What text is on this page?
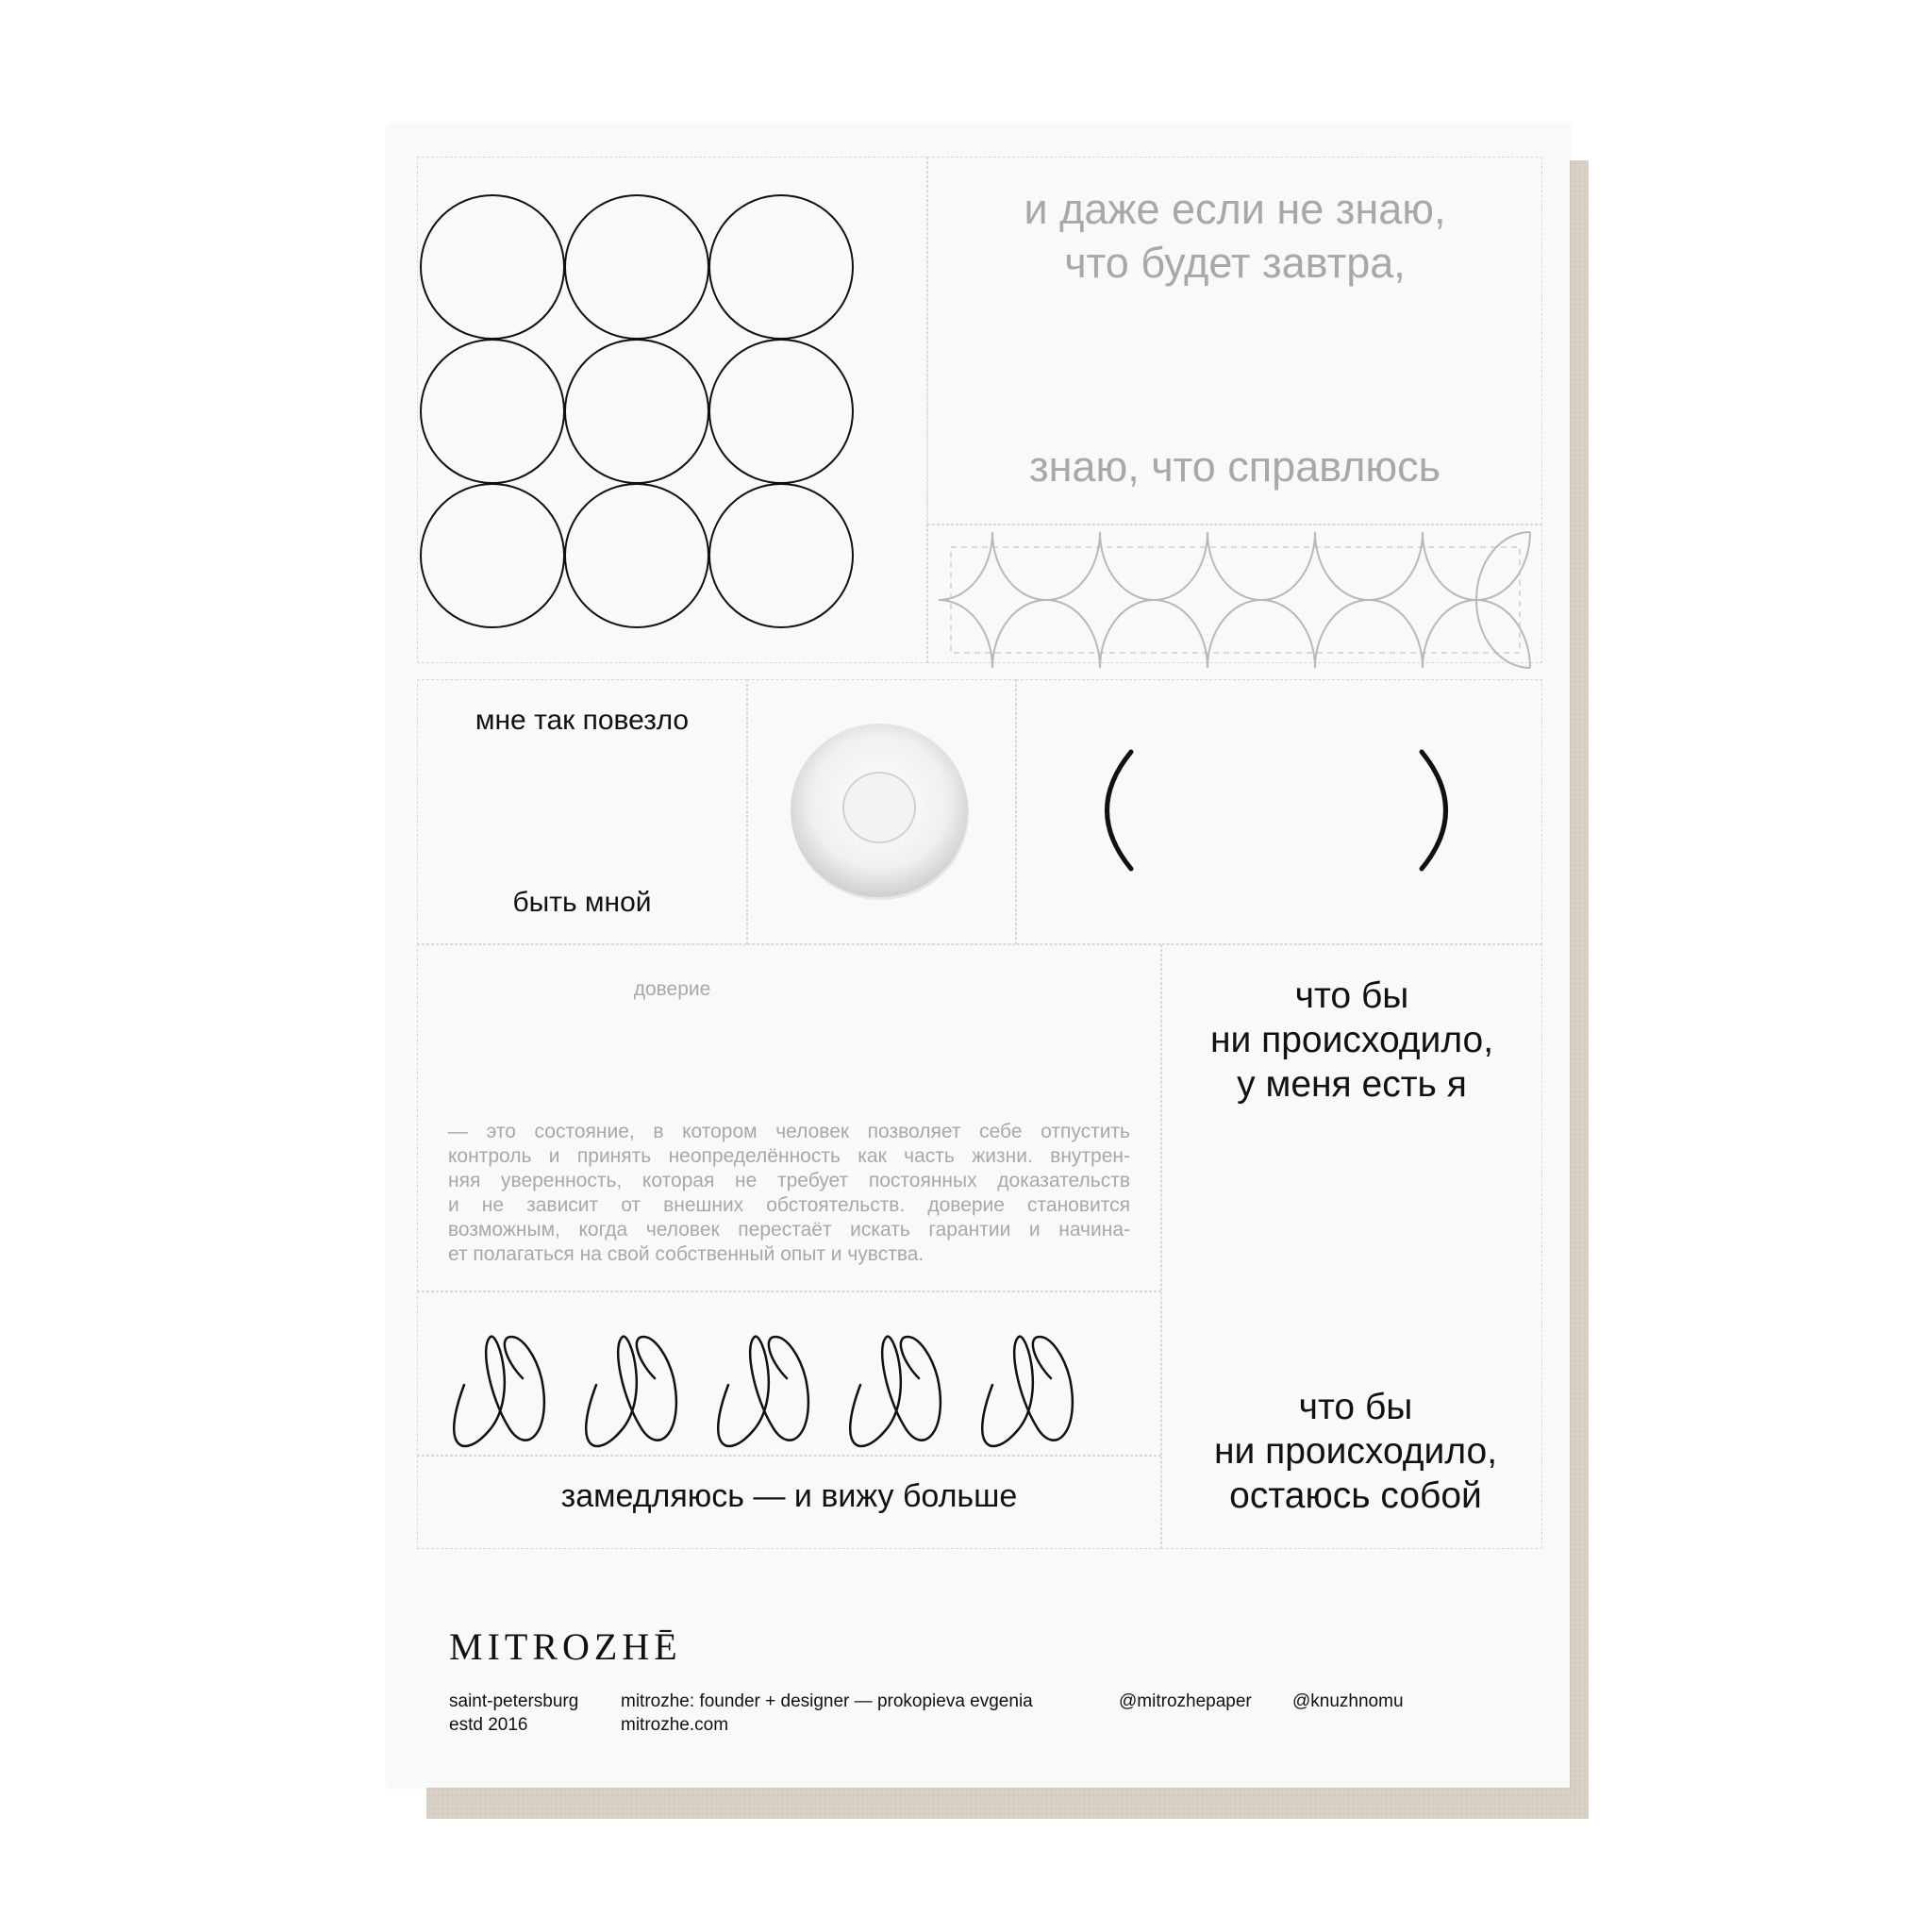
и даже если не знаю,
что будет завтра,
знаю, что справлюсь
мне так повезло
быть мной
доверие
— это состояние, в котором человек позволяет себе отпустить
контроль и принять неопределённость как часть жизни. внутрен-
няя уверенность, которая не требует постоянных доказательств
и не зависит от внешних обстоятельств. доверие становится
возможным, когда человек перестаёт искать гарантии и начина-
ет полагаться на свой собственный опыт и чувства.
что бы
ни происходило,
у меня есть я
что бы
ни происходило,
остаюсь собой
замедляюсь — и вижу больше
MITROZHĒ
saint-petersburg
estd 2016
mitrozhe: founder + designer — prokopieva evgenia
mitrozhe.com
@mitrozhepaper @knuzhnomu
